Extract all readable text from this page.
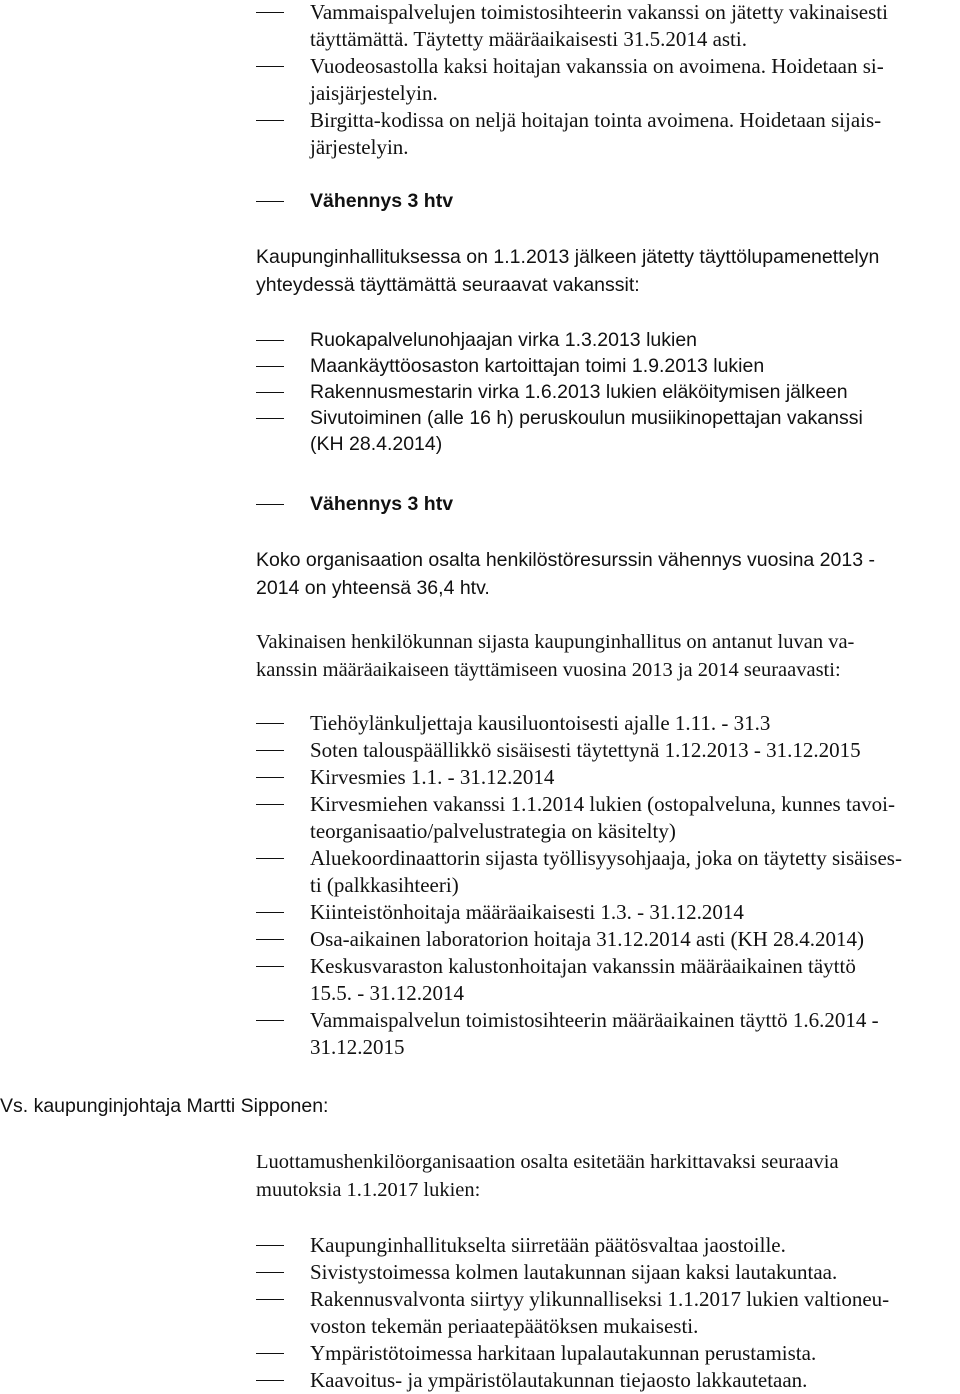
Vammaispalvelujen toimistosihteerin vakanssi on jätetty vakinaisesti
täyttämättä. Täytetty määräaikaisesti 31.5.2014 asti.
Vuodeosastolla kaksi hoitajan vakanssia on avoimena. Hoidetaan si-
jaisjärjestelyin.
Birgitta-kodissa on neljä hoitajan tointa avoimena. Hoidetaan sijais-
järjestelyin.
Vähennys 3 htv

Kaupunginhallituksessa on 1.1.2013 jälkeen jätetty täyttölupamenettelyn
yhteydessä täyttämättä seuraavat vakanssit:

Ruokapalvelunohjaajan virka 1.3.2013 lukien
Maankäyttöosaston kartoittajan toimi 1.9.2013 lukien
Rakennusmestarin virka 1.6.2013 lukien eläköitymisen jälkeen
Sivutoiminen (alle 16 h) peruskoulun musiikinopettajan vakanssi
(KH 28.4.2014)
Vähennys 3 htv

Koko organisaation osalta henkilöstöresurssin vähennys vuosina 2013 -
2014 on yhteensä 36,4 htv.

Vakinaisen henkilökunnan sijasta kaupunginhallitus on antanut luvan va-
kanssin määräaikaiseen täyttämiseen vuosina 2013 ja 2014 seuraavasti:

Tiehöylänkuljettaja kausiluontoisesti ajalle 1.11. - 31.3
Soten talouspäällikkö sisäisesti täytettynä 1.12.2013 - 31.12.2015
Kirvesmies 1.1. - 31.12.2014
Kirvesmiehen vakanssi 1.1.2014 lukien (ostopalveluna, kunnes tavoi-
teorganisaatio/palvelustrategia on käsitelty)
Aluekoordinaattorin sijasta työllisyysohjaaja, joka on täytetty sisäises-
ti (palkkasihteeri)
Kiinteistönhoitaja määräaikaisesti 1.3. - 31.12.2014
Osa-aikainen laboratorion hoitaja 31.12.2014 asti (KH 28.4.2014)
Keskusvaraston kalustonhoitajan vakanssin määräaikainen täyttö
15.5. - 31.12.2014
Vammaispalvelun toimistosihteerin määräaikainen täyttö 1.6.2014 -
31.12.2015
Vs. kaupunginjohtaja Martti Sipponen:

Luottamushenkilöorganisaation osalta esitetään harkittavaksi seuraavia
muutoksia 1.1.2017 lukien:

Kaupunginhallitukselta siirretään päätösvaltaa jaostoille.
Sivistystoimessa kolmen lautakunnan sijaan kaksi lautakuntaa.
Rakennusvalvonta siirtyy ylikunnalliseksi 1.1.2017 lukien valtioneu-
voston tekemän periaatepäätöksen mukaisesti.
Ympäristötoimessa harkitaan lupalautakunnan perustamista.
Kaavoitus- ja ympäristölautakunnan tiejaosto lakkautetaan.
